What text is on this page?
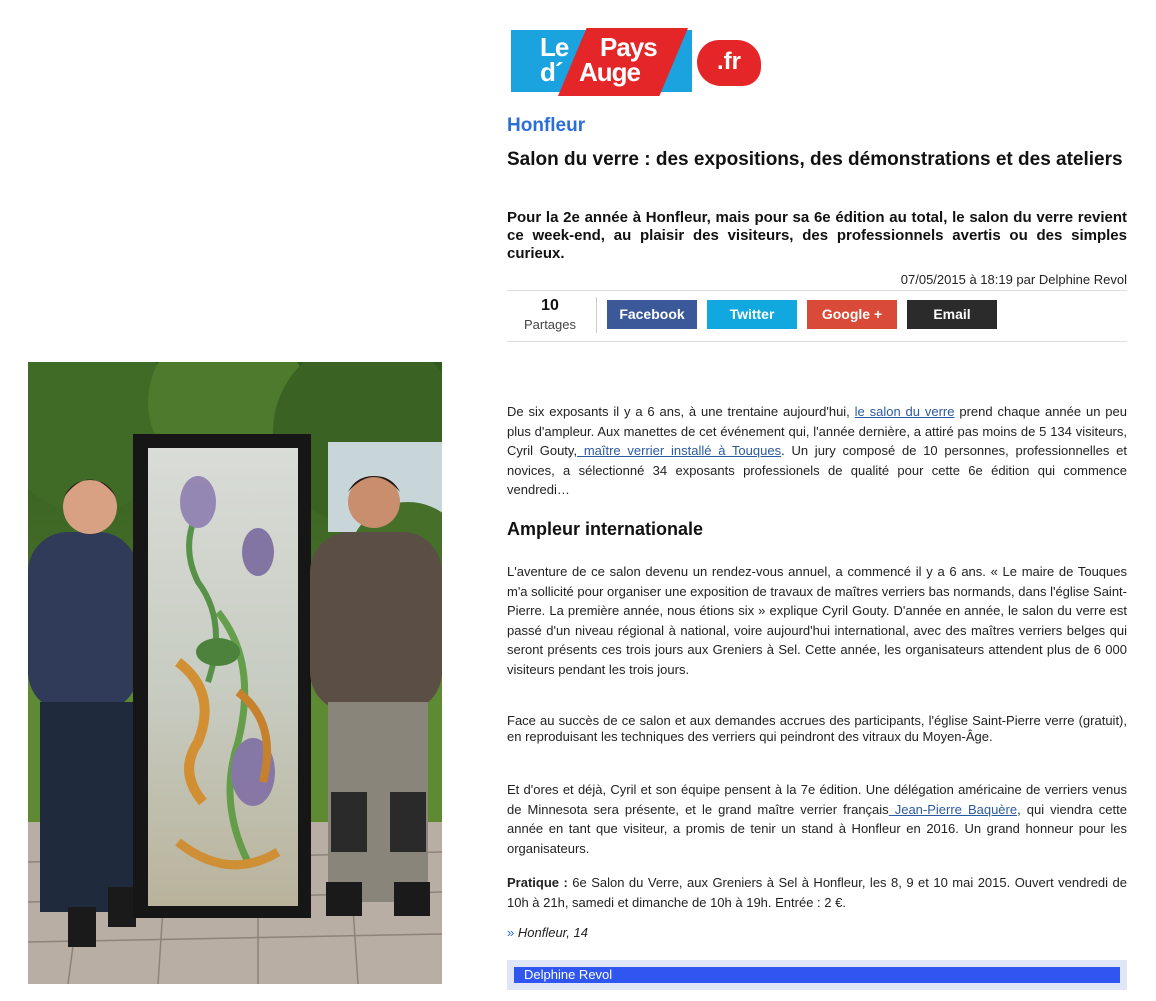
Le Pays
d´ Auge	.fr
Honfleur
Salon du verre : des expositions, des démonstrations et des ateliers
Pour la 2e année à Honfleur, mais pour sa 6e édition au total, le salon du verre revient ce week-end, au plaisir des visiteurs, des professionnels avertis ou des simples curieux.
07/05/2015 à 18:19 par Delphine Revol
10
Partages
Facebook	Twitter	Google +	Email
De six exposants il y a 6 ans, à une trentaine aujourd'hui, le salon du verre prend chaque année un peu plus d'ampleur. Aux manettes de cet événement qui, l'année dernière, a attiré pas moins de 5 134 visiteurs, Cyril Gouty, maître verrier installé à Touques. Un jury composé de 10 personnes, professionnelles et novices, a sélectionné 34 exposants professionels de qualité pour cette 6e édition qui commence vendredi…
Ampleur internationale
L'aventure de ce salon devenu un rendez-vous annuel, a commencé il y a 6 ans. « Le maire de Touques m'a sollicité pour organiser une exposition de travaux de maîtres verriers bas normands, dans l'église Saint-Pierre. La première année, nous étions six » explique Cyril Gouty. D'année en année, le salon du verre est passé d'un niveau régional à national, voire aujourd'hui international, avec des maîtres verriers belges qui seront présents ces trois jours aux Greniers à Sel. Cette année, les organisateurs attendent plus de 6 000 visiteurs pendant les trois jours.
Face au succès de ce salon et aux demandes accrues des participants, l'église Saint-Pierre verre (gratuit), en reproduisant les techniques des verriers qui peindront des vitraux du Moyen-Âge.
Et d'ores et déjà, Cyril et son équipe pensent à la 7e édition. Une délégation américaine de verriers venus de Minnesota sera présente, et le grand maître verrier français Jean-Pierre Baquère, qui viendra cette année en tant que visiteur, a promis de tenir un stand à Honfleur en 2016. Un grand honneur pour les organisateurs.
Pratique : 6e Salon du Verre, aux Greniers à Sel à Honfleur, les 8, 9 et 10 mai 2015. Ouvert vendredi de 10h à 21h, samedi et dimanche de 10h à 19h. Entrée : 2 €.
» Honfleur, 14
Delphine Revol
